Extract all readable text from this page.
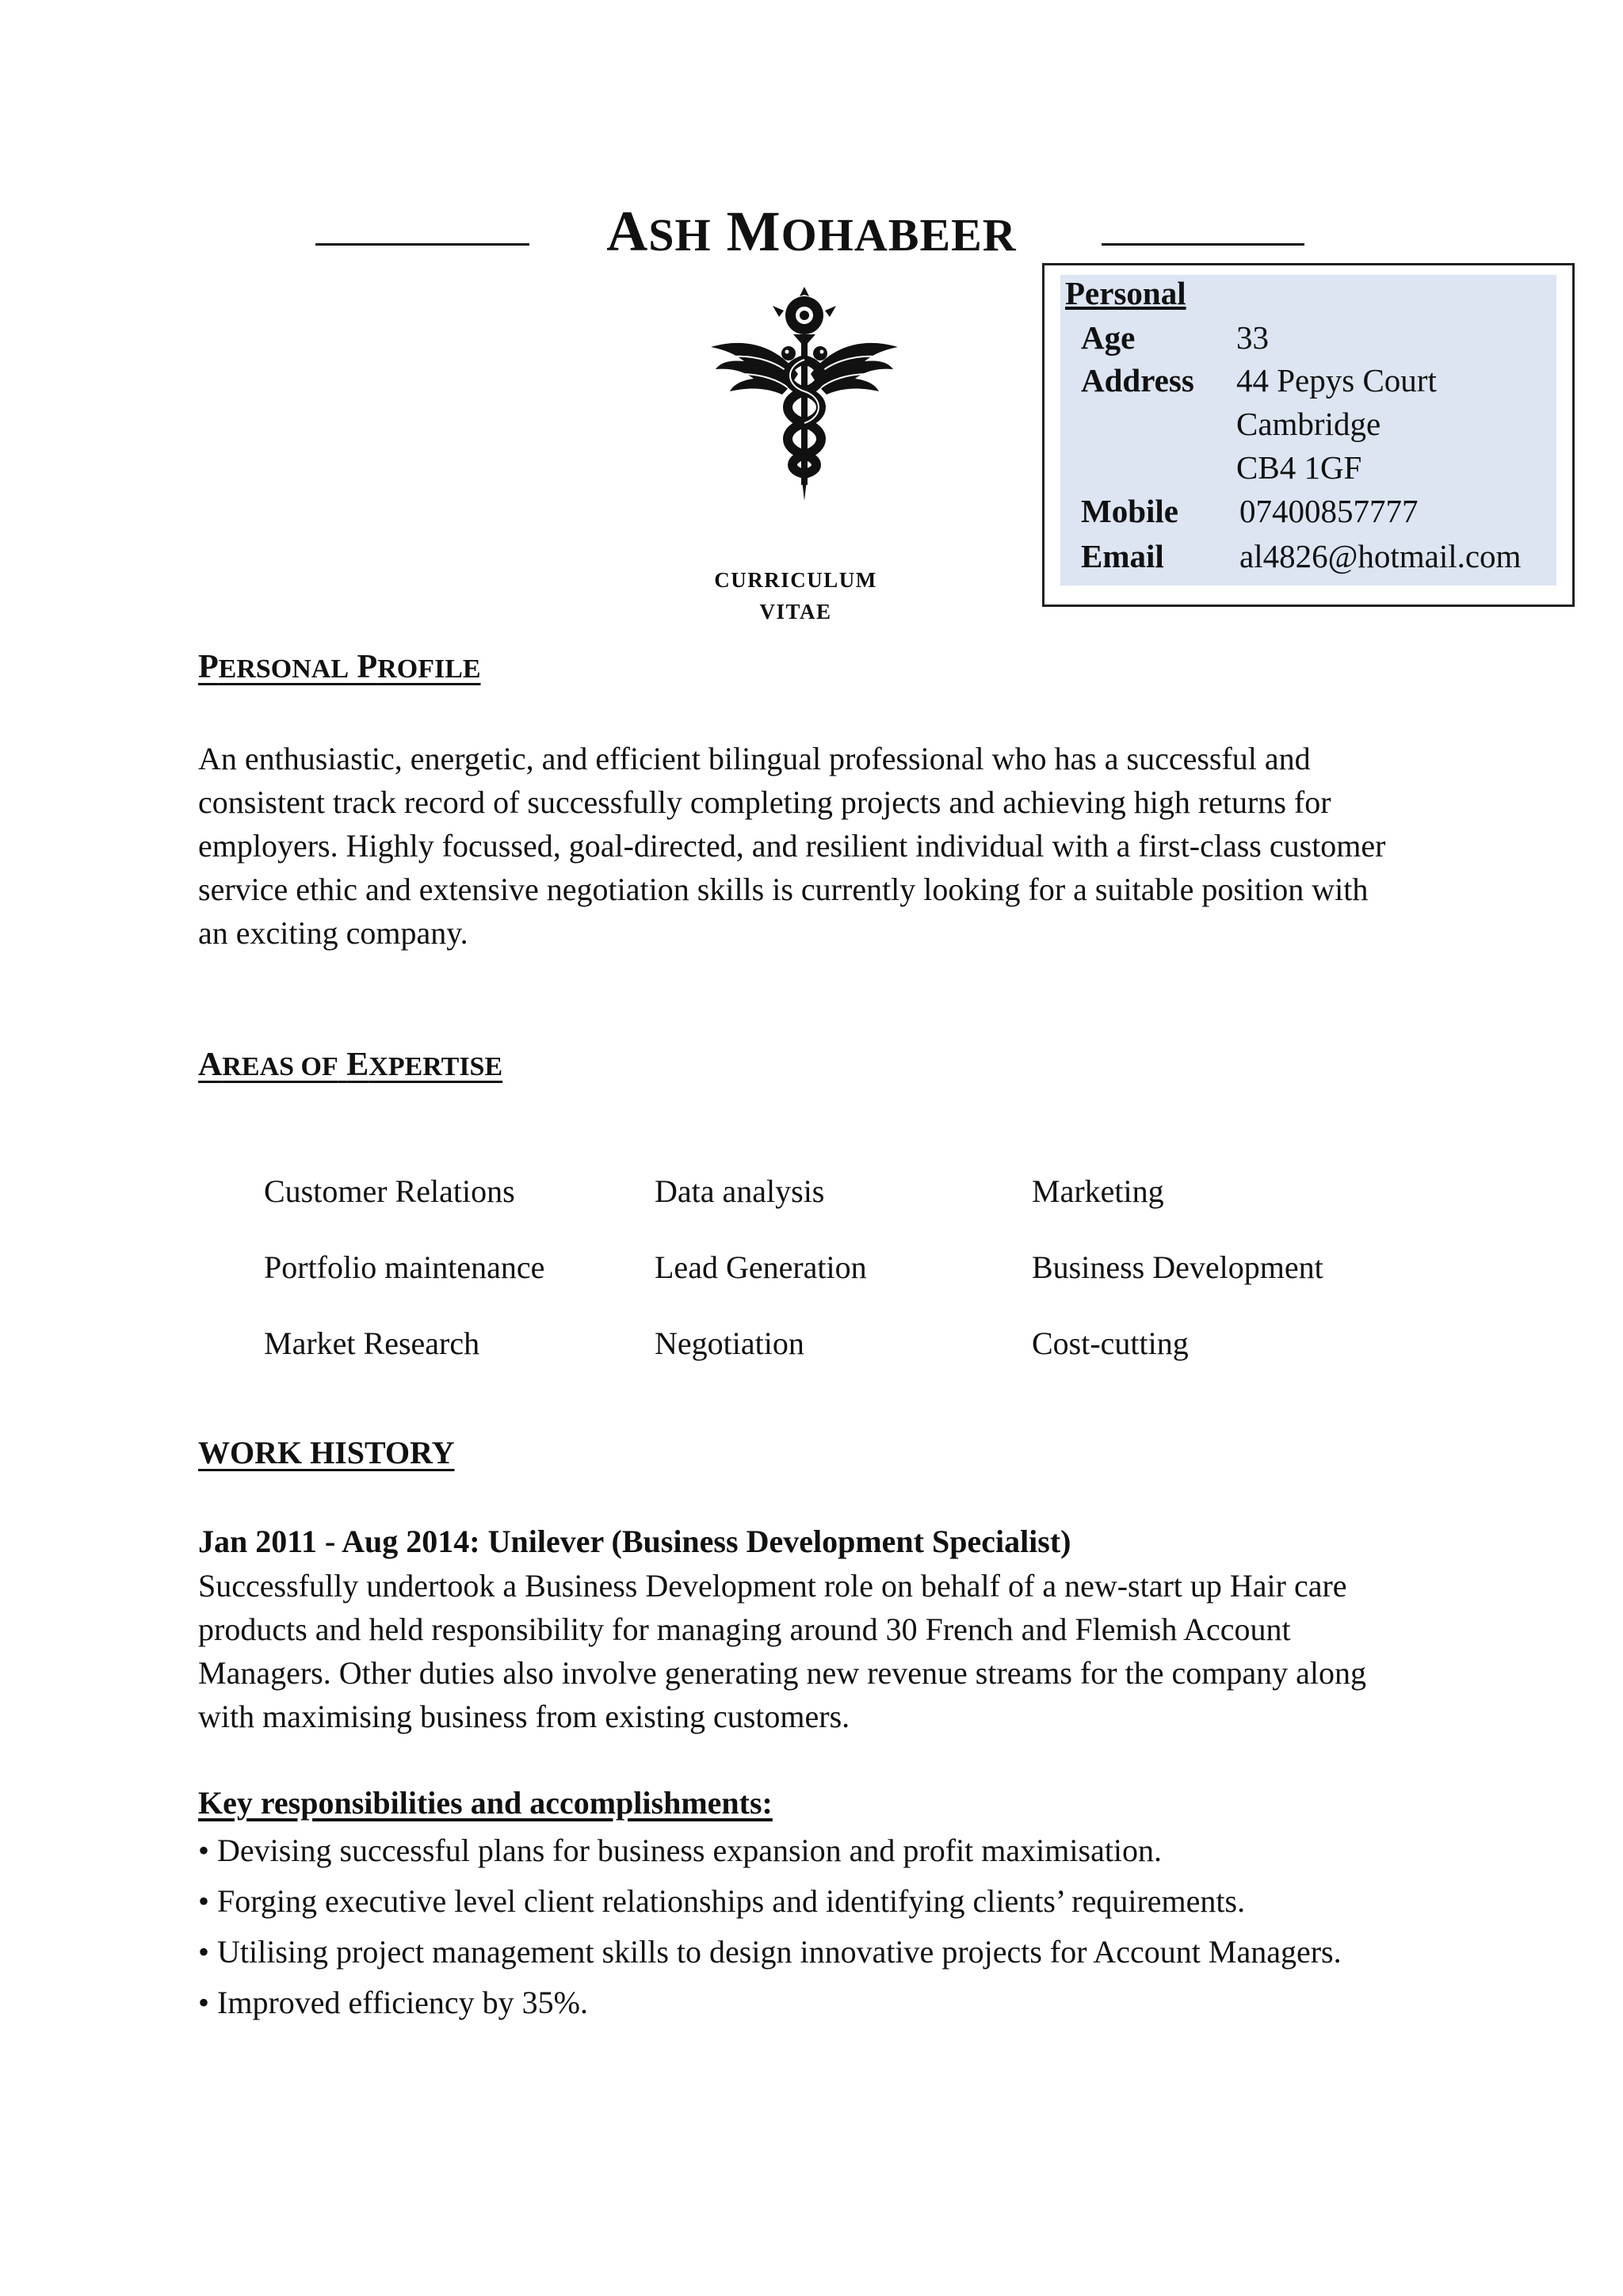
ASH MOHABEER
CURRICULUM VITAE
Personal
Age	33
Address 44 Pepys Court
Cambridge
CB4 1GF
Mobile 07400857777
Email al4826@hotmail.com
PERSONAL PROFILE
An enthusiastic, energetic, and efficient bilingual professional who has a successful and
consistent track record of successfully completing projects and achieving high returns for
employers. Highly focussed, goal-directed, and resilient individual with a first-class customer
service ethic and extensive negotiation skills is currently looking for a suitable position with
an exciting company.
AREAS OF EXPERTISE
Customer Relations	Data analysis	Marketing
Portfolio maintenance	Lead Generation	Business Development
Market Research	Negotiation	Cost-cutting
WORK HISTORY
Jan 2011 - Aug 2014: Unilever (Business Development Specialist)
Successfully undertook a Business Development role on behalf of a new-start up Hair care
products and held responsibility for managing around 30 French and Flemish Account
Managers. Other duties also involve generating new revenue streams for the company along
with maximising business from existing customers.
Key responsibilities and accomplishments:
• Devising successful plans for business expansion and profit maximisation.
• Forging executive level client relationships and identifying clients’ requirements.
• Utilising project management skills to design innovative projects for Account Managers.
• Improved efficiency by 35%.
